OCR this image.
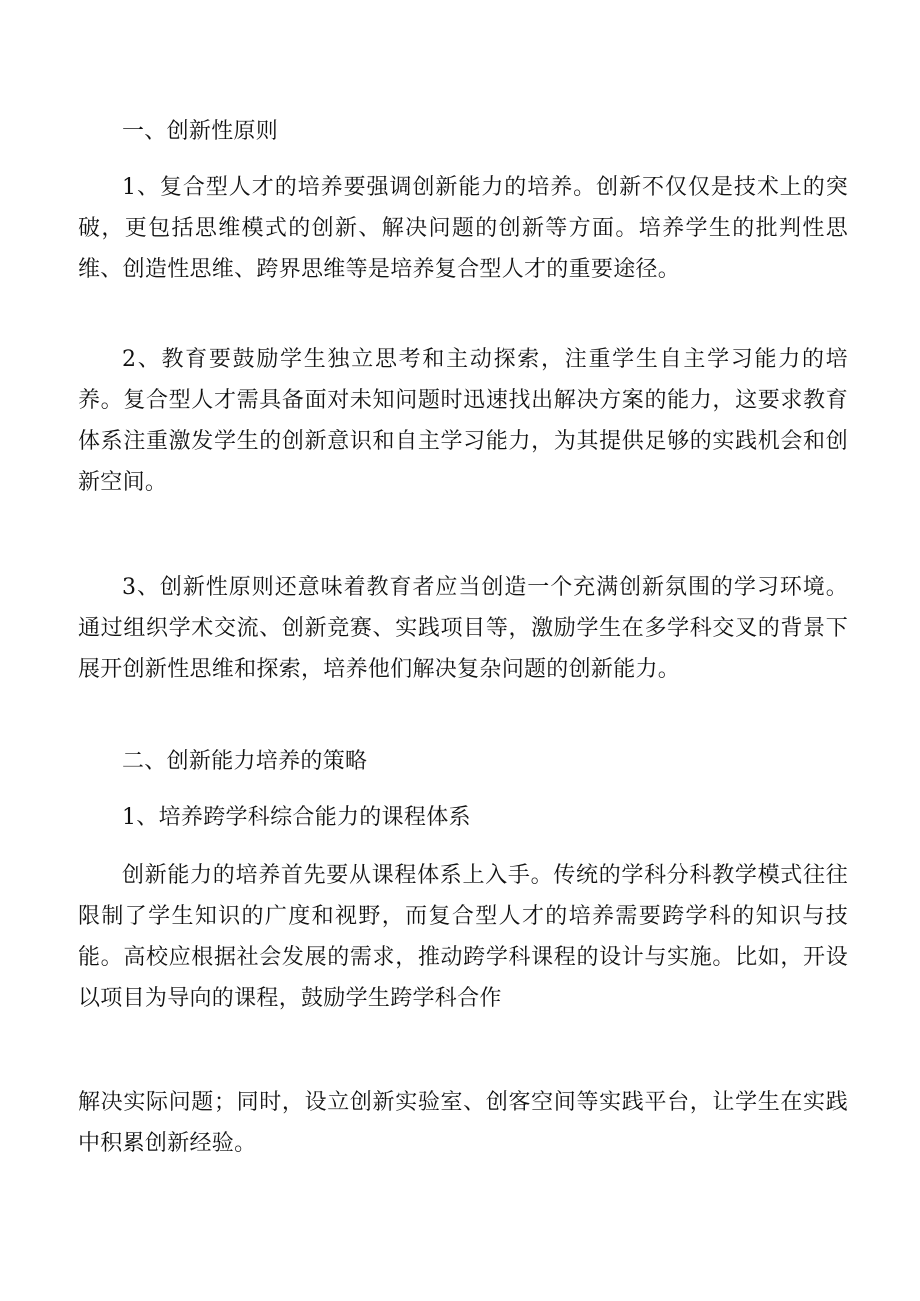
一、创新性原则

1、复合型人才的培养要强调创新能力的培养。创新不仅仅是技术上的突破，更包括思维模式的创新、解决问题的创新等方面。培养学生的批判性思维、创造性思维、跨界思维等是培养复合型人才的重要途径。

2、教育要鼓励学生独立思考和主动探索，注重学生自主学习能力的培养。复合型人才需具备面对未知问题时迅速找出解决方案的能力，这要求教育体系注重激发学生的创新意识和自主学习能力，为其提供足够的实践机会和创新空间。

3、创新性原则还意味着教育者应当创造一个充满创新氛围的学习环境。通过组织学术交流、创新竞赛、实践项目等，激励学生在多学科交叉的背景下展开创新性思维和探索，培养他们解决复杂问题的创新能力。

二、创新能力培养的策略

1、培养跨学科综合能力的课程体系

创新能力的培养首先要从课程体系上入手。传统的学科分科教学模式往往限制了学生知识的广度和视野，而复合型人才的培养需要跨学科的知识与技能。高校应根据社会发展的需求，推动跨学科课程的设计与实施。比如，开设以项目为导向的课程，鼓励学生跨学科合作

解决实际问题；同时，设立创新实验室、创客空间等实践平台，让学生在实践中积累创新经验。
